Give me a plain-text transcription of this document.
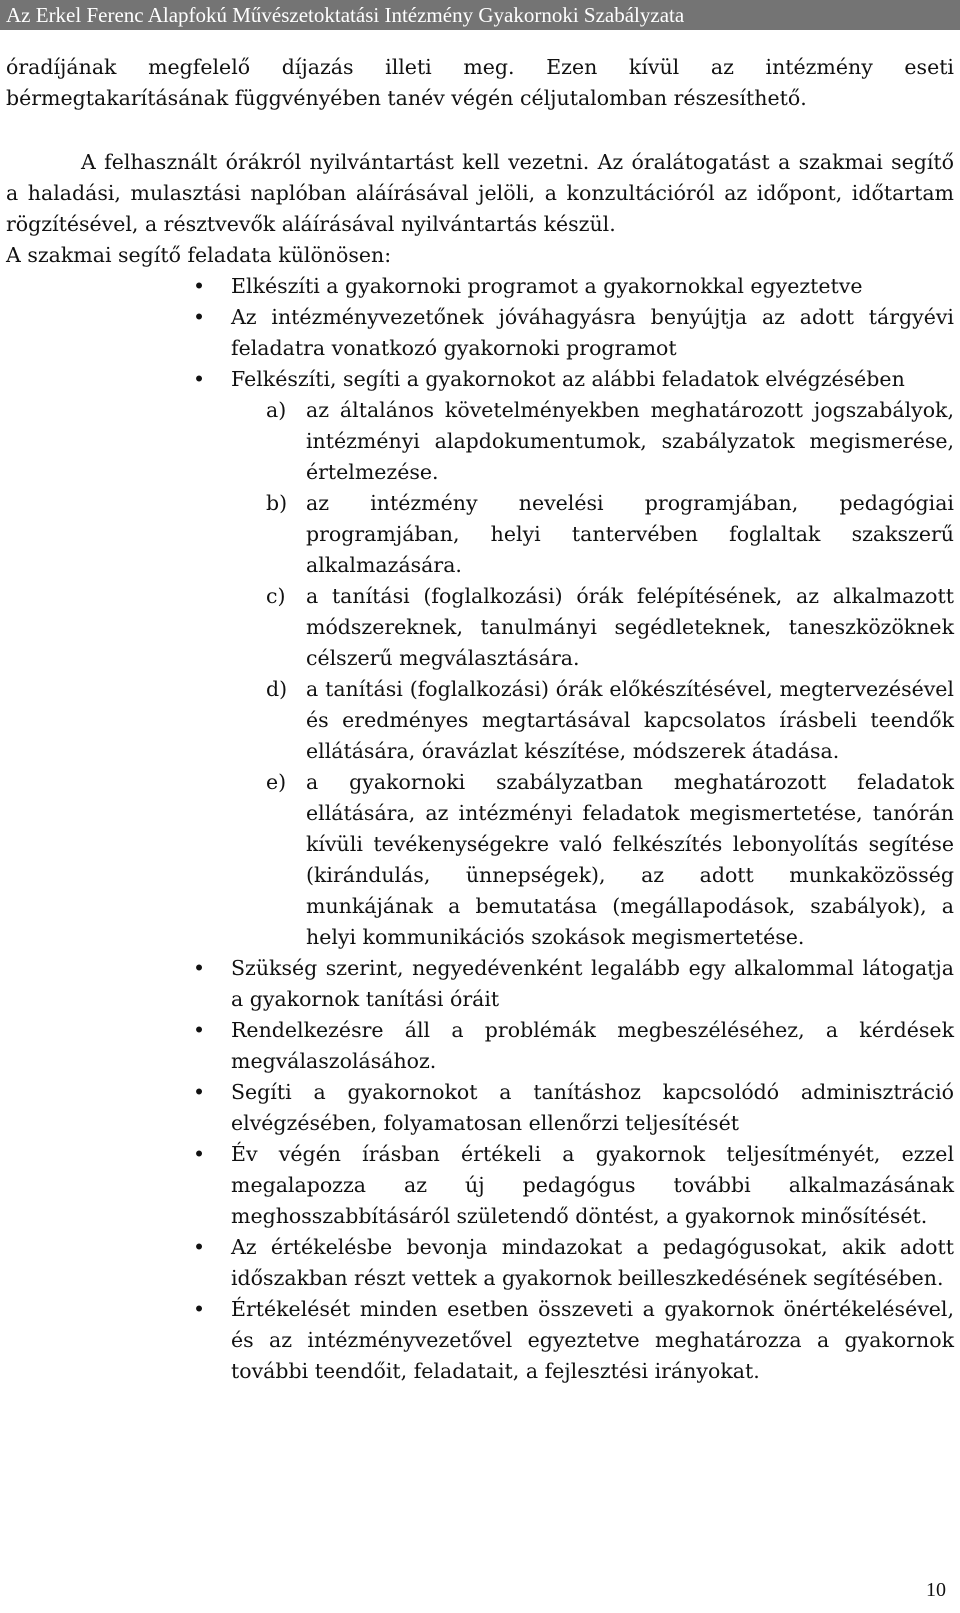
Az Erkel Ferenc Alapfokú Művészetoktatási Intézmény Gyakornoki Szabályzata

óradíjának megfelelő díjazás illeti meg. Ezen kívül az intézmény eseti bérmegtakarításának függvényében tanév végén céljutalomban részesíthető.

A felhasznált órákról nyilvántartást kell vezetni. Az óralátogatást a szakmai segítő a haladási, mulasztási naplóban aláírásával jelöli, a konzultációról az időpont, időtartam rögzítésével, a résztvevők aláírásával nyilvántartás készül.

A szakmai segítő feladata különösen:

• Elkészíti a gyakornoki programot a gyakornokkal egyeztetve
• Az intézményvezetőnek jóváhagyásra benyújtja az adott tárgyévi feladatra vonatkozó gyakornoki programot
• Felkészíti, segíti a gyakornokot az alábbi feladatok elvégzésében
a) az általános követelményekben meghatározott jogszabályok, intézményi alapdokumentumok, szabályzatok megismerése, értelmezése.
b) az intézmény nevelési programjában, pedagógiai programjában, helyi tantervében foglaltak szakszerű alkalmazására.
c) a tanítási (foglalkozási) órák felépítésének, az alkalmazott módszereknek, tanulmányi segédleteknek, taneszközöknek célszerű megválasztására.
d) a tanítási (foglalkozási) órák előkészítésével, megtervezésével és eredményes megtartásával kapcsolatos írásbeli teendők ellátására, óravázlat készítése, módszerek átadása.
e) a gyakornoki szabályzatban meghatározott feladatok ellátására, az intézményi feladatok megismertetése, tanórán kívüli tevékenységekre való felkészítés lebonyolítás segítése (kirándulás, ünnepségek), az adott munkaközösség munkájának a bemutatása (megállapodások, szabályok), a helyi kommunikációs szokások megismertetése.
• Szükség szerint, negyedévenként legalább egy alkalommal látogatja a gyakornok tanítási óráit
• Rendelkezésre áll a problémák megbeszéléséhez, a kérdések megválaszolásához.
• Segíti a gyakornokot a tanításhoz kapcsolódó adminisztráció elvégzésében, folyamatosan ellenőrzi teljesítését
• Év végén írásban értékeli a gyakornok teljesítményét, ezzel megalapozza az új pedagógus további alkalmazásának meghosszabbításáról születendő döntést, a gyakornok minősítését.
• Az értékelésbe bevonja mindazokat a pedagógusokat, akik adott időszakban részt vettek a gyakornok beilleszkedésének segítésében.
• Értékelését minden esetben összeveti a gyakornok önértékelésével, és az intézményvezetővel egyeztetve meghatározza a gyakornok további teendőit, feladatait, a fejlesztési irányokat.
10
